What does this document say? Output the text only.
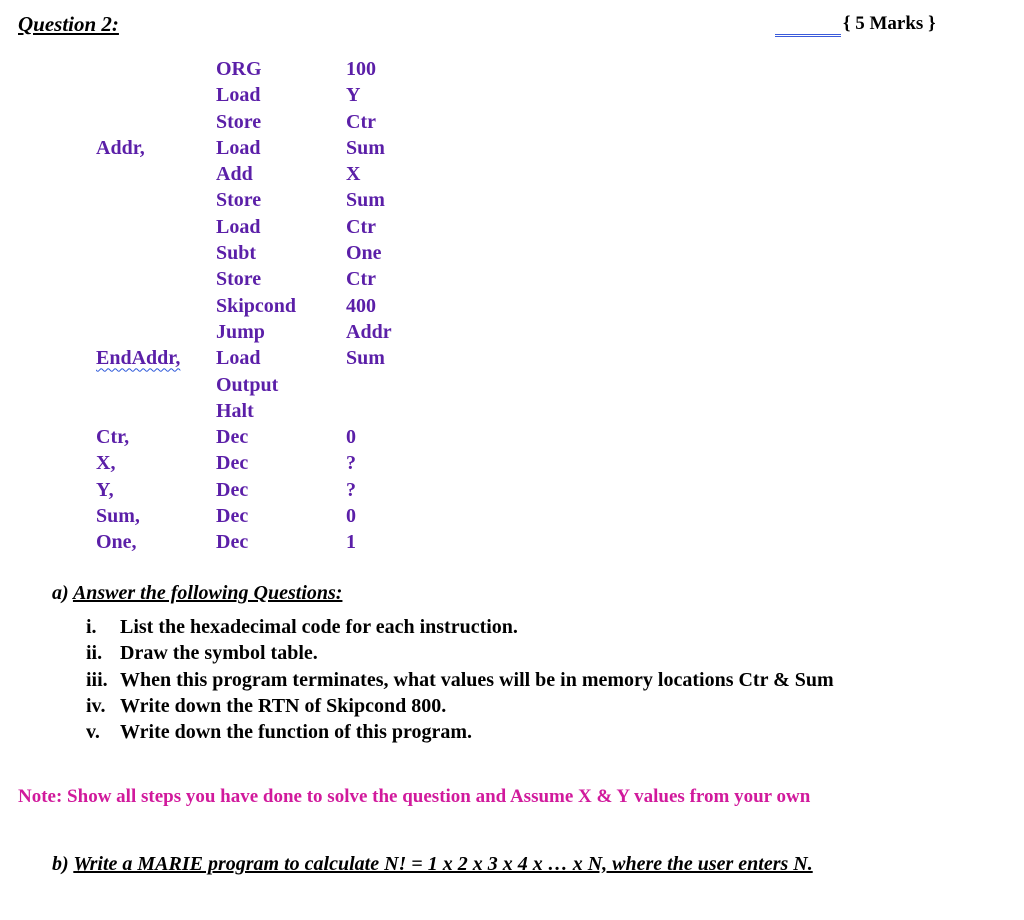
Question 2:	{ 5 Marks }
Addr,
EndAddr,
Ctr,
X,
Y,
Sum,
One,
ORG
Load
Store
Load
Add
Store
Load
Subt
Store
Skipcond
Jump
Load
Output
Halt
Dec
Dec
Dec
Dec
Dec
100
Y
Ctr
Sum
X
Sum
Ctr
One
Ctr
400
Addr
Sum
0
?
?
0
1
a) Answer the following Questions:
i. List the hexadecimal code for each instruction.
ii. Draw the symbol table.
iii. When this program terminates, what values will be in memory locations Ctr & Sum
iv. Write down the RTN of Skipcond 800.
v. Write down the function of this program.
Note: Show all steps you have done to solve the question and Assume X & Y values from your own
b) Write a MARIE program to calculate N! = 1 x 2 x 3 x 4 x … x N, where the user enters N.
